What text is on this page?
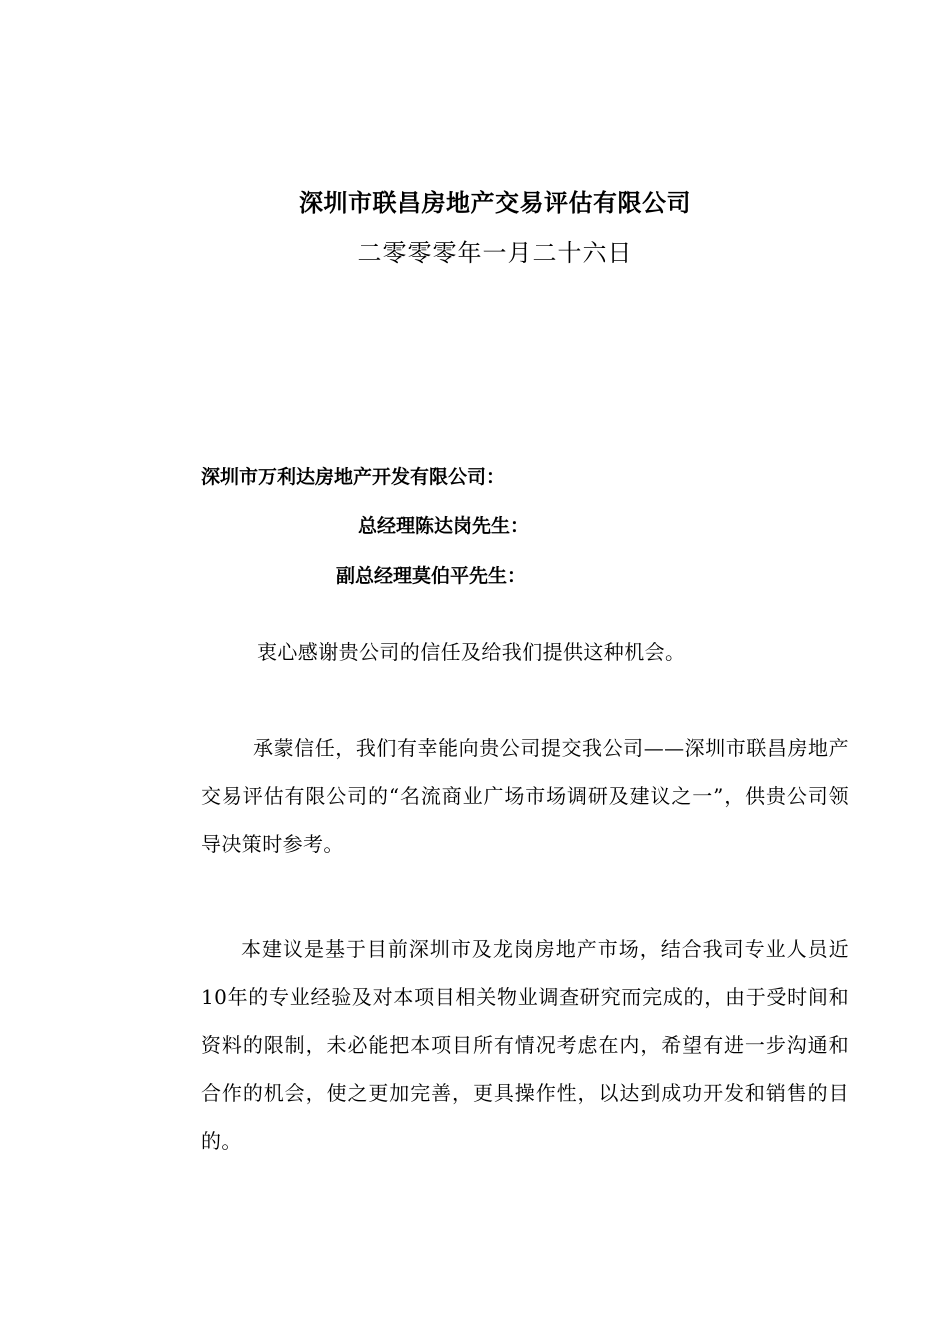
深圳市联昌房地产交易评估有限公司
二零零零年一月二十六日
深圳市万利达房地产开发有限公司：
总经理陈达岗先生：
副总经理莫伯平先生：
衷心感谢贵公司的信任及给我们提供这种机会。
承蒙信任，我们有幸能向贵公司提交我公司——深圳市联昌房地产交易评估有限公司的“名流商业广场市场调研及建议之一”，供贵公司领导决策时参考。
本建议是基于目前深圳市及龙岗房地产市场，结合我司专业人员近10年的专业经验及对本项目相关物业调查研究而完成的，由于受时间和资料的限制，未必能把本项目所有情况考虑在内，希望有进一步沟通和合作的机会，使之更加完善，更具操作性，以达到成功开发和销售的目的。
